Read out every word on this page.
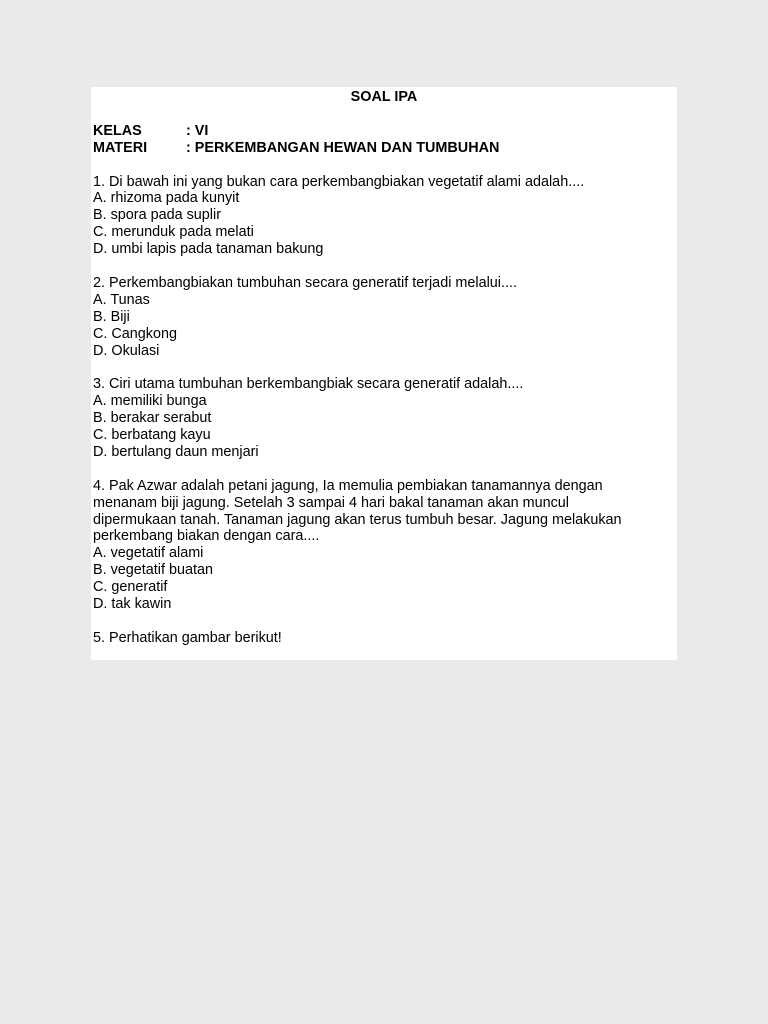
SOAL IPA
KELAS	: VI
MATERI	: PERKEMBANGAN HEWAN DAN TUMBUHAN
1. Di bawah ini yang bukan cara perkembangbiakan vegetatif alami adalah....
A. rhizoma pada kunyit
B. spora pada suplir
C. merunduk pada melati
D. umbi lapis pada tanaman bakung
2. Perkembangbiakan tumbuhan secara generatif terjadi melalui....
A. Tunas
B. Biji
C. Cangkong
D. Okulasi
3. Ciri utama tumbuhan berkembangbiak secara generatif adalah....
A. memiliki bunga
B. berakar serabut
C. berbatang kayu
D. bertulang daun menjari
4. Pak Azwar adalah petani jagung, Ia memulia pembiakan tanamannya dengan
menanam biji jagung. Setelah 3 sampai 4 hari bakal tanaman akan muncul
dipermukaan tanah. Tanaman jagung akan terus tumbuh besar. Jagung melakukan
perkembang biakan dengan cara....
A. vegetatif alami
B. vegetatif buatan
C. generatif
D. tak kawin
5. Perhatikan gambar berikut!
